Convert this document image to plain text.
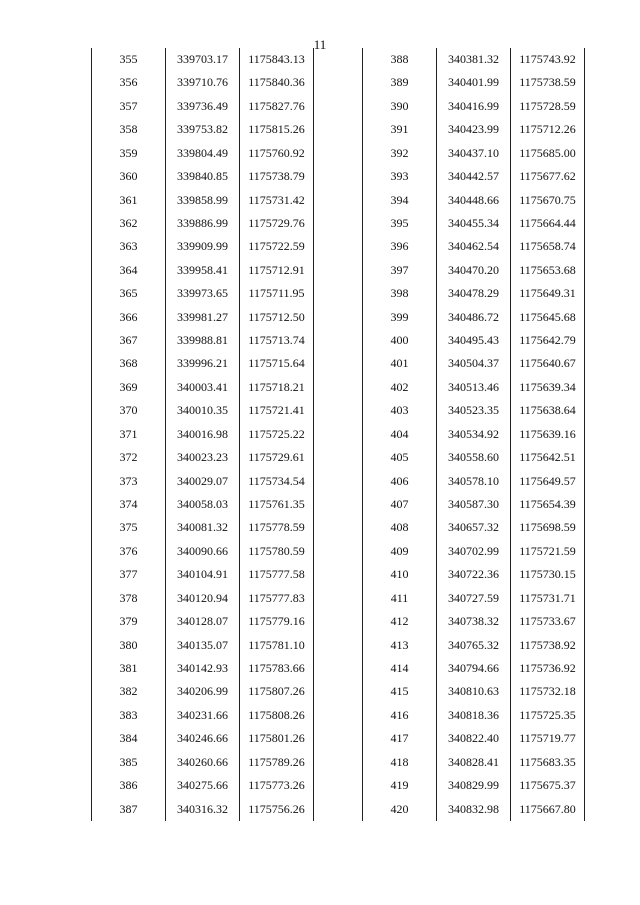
11
355	339703.17	1175843.13
356	339710.76	1175840.36
357	339736.49	1175827.76
358	339753.82	1175815.26
359	339804.49	1175760.92
360	339840.85	1175738.79
361	339858.99	1175731.42
362	339886.99	1175729.76
363	339909.99	1175722.59
364	339958.41	1175712.91
365	339973.65	1175711.95
366	339981.27	1175712.50
367	339988.81	1175713.74
368	339996.21	1175715.64
369	340003.41	1175718.21
370	340010.35	1175721.41
371	340016.98	1175725.22
372	340023.23	1175729.61
373	340029.07	1175734.54
374	340058.03	1175761.35
375	340081.32	1175778.59
376	340090.66	1175780.59
377	340104.91	1175777.58
378	340120.94	1175777.83
379	340128.07	1175779.16
380	340135.07	1175781.10
381	340142.93	1175783.66
382	340206.99	1175807.26
383	340231.66	1175808.26
384	340246.66	1175801.26
385	340260.66	1175789.26
386	340275.66	1175773.26
387	340316.32	1175756.26
388	340381.32	1175743.92
389	340401.99	1175738.59
390	340416.99	1175728.59
391	340423.99	1175712.26
392	340437.10	1175685.00
393	340442.57	1175677.62
394	340448.66	1175670.75
395	340455.34	1175664.44
396	340462.54	1175658.74
397	340470.20	1175653.68
398	340478.29	1175649.31
399	340486.72	1175645.68
400	340495.43	1175642.79
401	340504.37	1175640.67
402	340513.46	1175639.34
403	340523.35	1175638.64
404	340534.92	1175639.16
405	340558.60	1175642.51
406	340578.10	1175649.57
407	340587.30	1175654.39
408	340657.32	1175698.59
409	340702.99	1175721.59
410	340722.36	1175730.15
411	340727.59	1175731.71
412	340738.32	1175733.67
413	340765.32	1175738.92
414	340794.66	1175736.92
415	340810.63	1175732.18
416	340818.36	1175725.35
417	340822.40	1175719.77
418	340828.41	1175683.35
419	340829.99	1175675.37
420	340832.98	1175667.80
